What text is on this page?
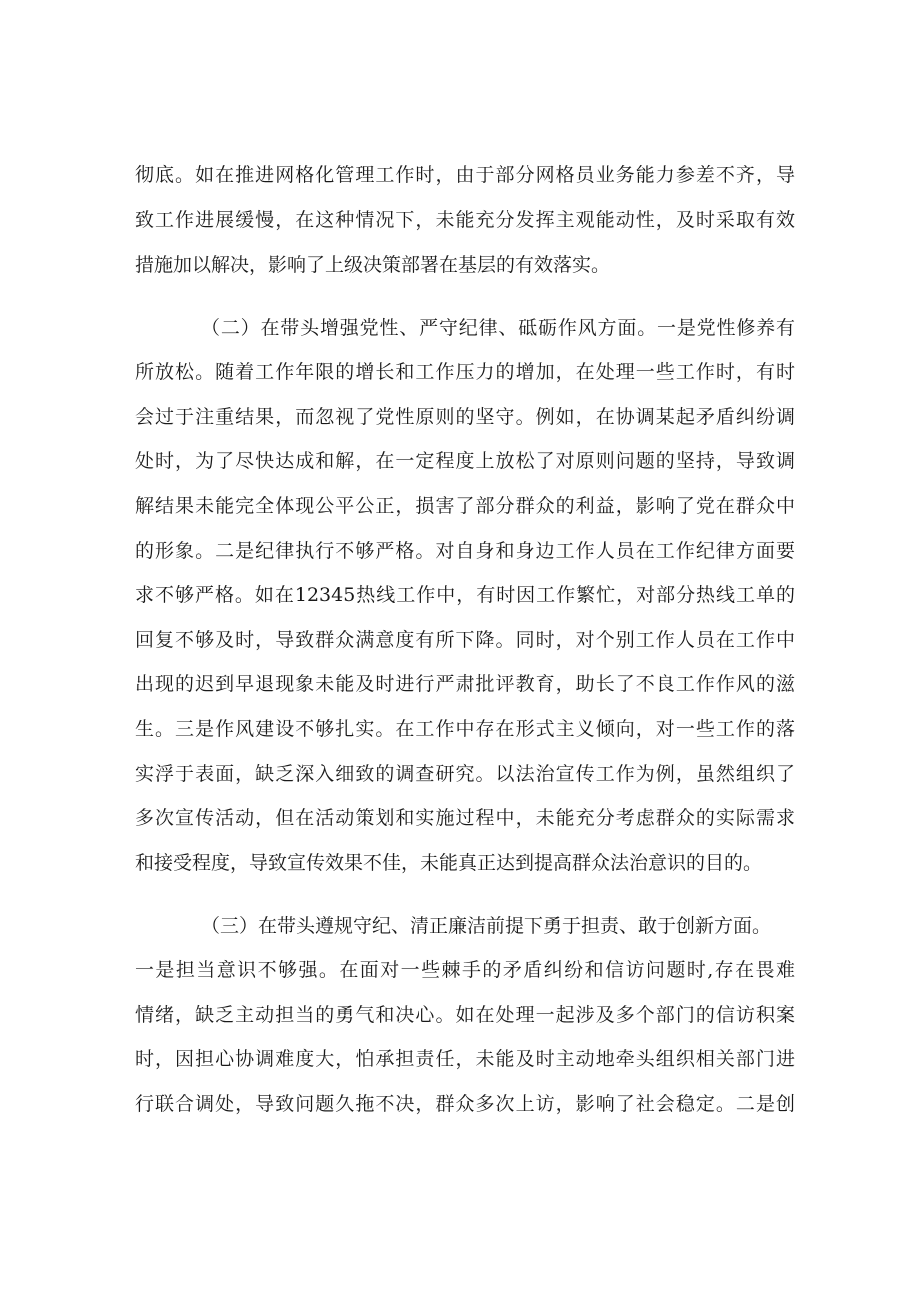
彻底。如在推进网格化管理工作时，由于部分网格员业务能力参差不齐，导
致工作进展缓慢，在这种情况下，未能充分发挥主观能动性，及时采取有效
措施加以解决，影响了上级决策部署在基层的有效落实。
（二）在带头增强党性、严守纪律、砥砺作风方面。一是党性修养有
所放松。随着工作年限的增长和工作压力的增加，在处理一些工作时，有时
会过于注重结果，而忽视了党性原则的坚守。例如，在协调某起矛盾纠纷调
处时，为了尽快达成和解，在一定程度上放松了对原则问题的坚持，导致调
解结果未能完全体现公平公正，损害了部分群众的利益，影响了党在群众中
的形象。二是纪律执行不够严格。对自身和身边工作人员在工作纪律方面要
求不够严格。如在12345热线工作中，有时因工作繁忙，对部分热线工单的
回复不够及时，导致群众满意度有所下降。同时，对个别工作人员在工作中
出现的迟到早退现象未能及时进行严肃批评教育，助长了不良工作作风的滋
生。三是作风建设不够扎实。在工作中存在形式主义倾向，对一些工作的落
实浮于表面，缺乏深入细致的调查研究。以法治宣传工作为例，虽然组织了
多次宣传活动，但在活动策划和实施过程中，未能充分考虑群众的实际需求
和接受程度，导致宣传效果不佳，未能真正达到提高群众法治意识的目的。
（三）在带头遵规守纪、清正廉洁前提下勇于担责、敢于创新方面。
一是担当意识不够强。在面对一些棘手的矛盾纠纷和信访问题时,存在畏难
情绪，缺乏主动担当的勇气和决心。如在处理一起涉及多个部门的信访积案
时，因担心协调难度大，怕承担责任，未能及时主动地牵头组织相关部门进
行联合调处，导致问题久拖不决，群众多次上访，影响了社会稳定。二是创
